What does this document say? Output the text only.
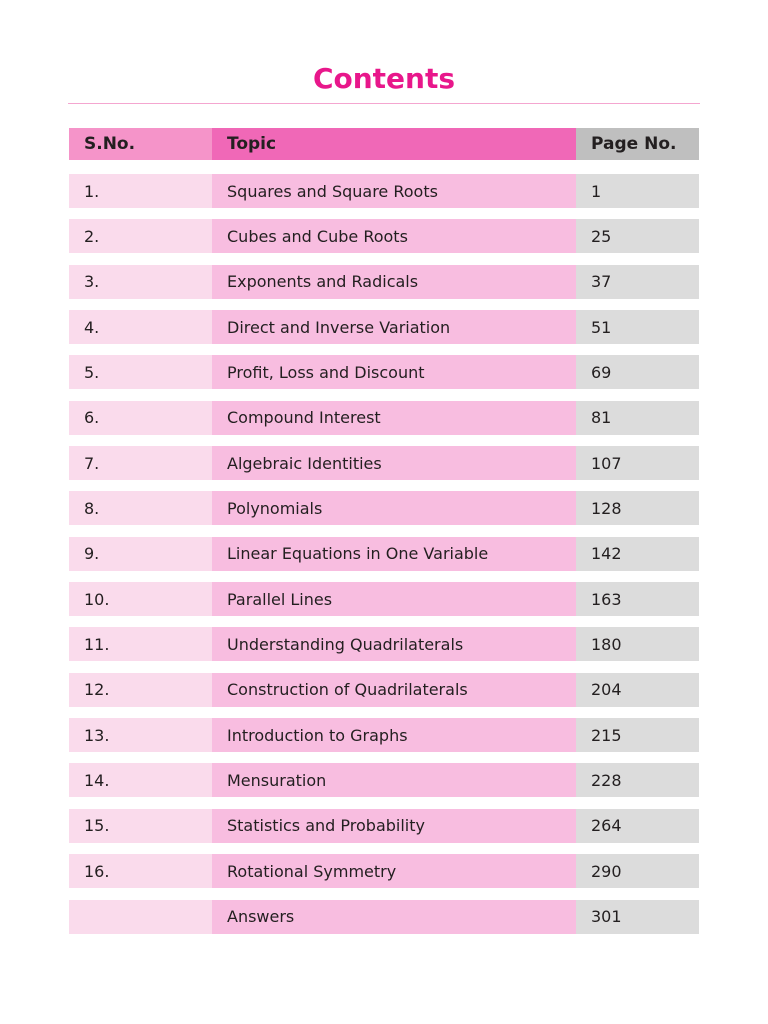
Contents
S.No.	Topic	Page No.
1.	Squares and Square Roots	1
2.	Cubes and Cube Roots	25
3.	Exponents and Radicals	37
4.	Direct and Inverse Variation	51
5.	Profit, Loss and Discount	69
6.	Compound Interest	81
7.	Algebraic Identities	107
8.	Polynomials	128
9.	Linear Equations in One Variable	142
10.	Parallel Lines	163
11.	Understanding Quadrilaterals	180
12.	Construction of Quadrilaterals	204
13.	Introduction to Graphs	215
14.	Mensuration	228
15.	Statistics and Probability	264
16.	Rotational Symmetry	290
Answers	301
